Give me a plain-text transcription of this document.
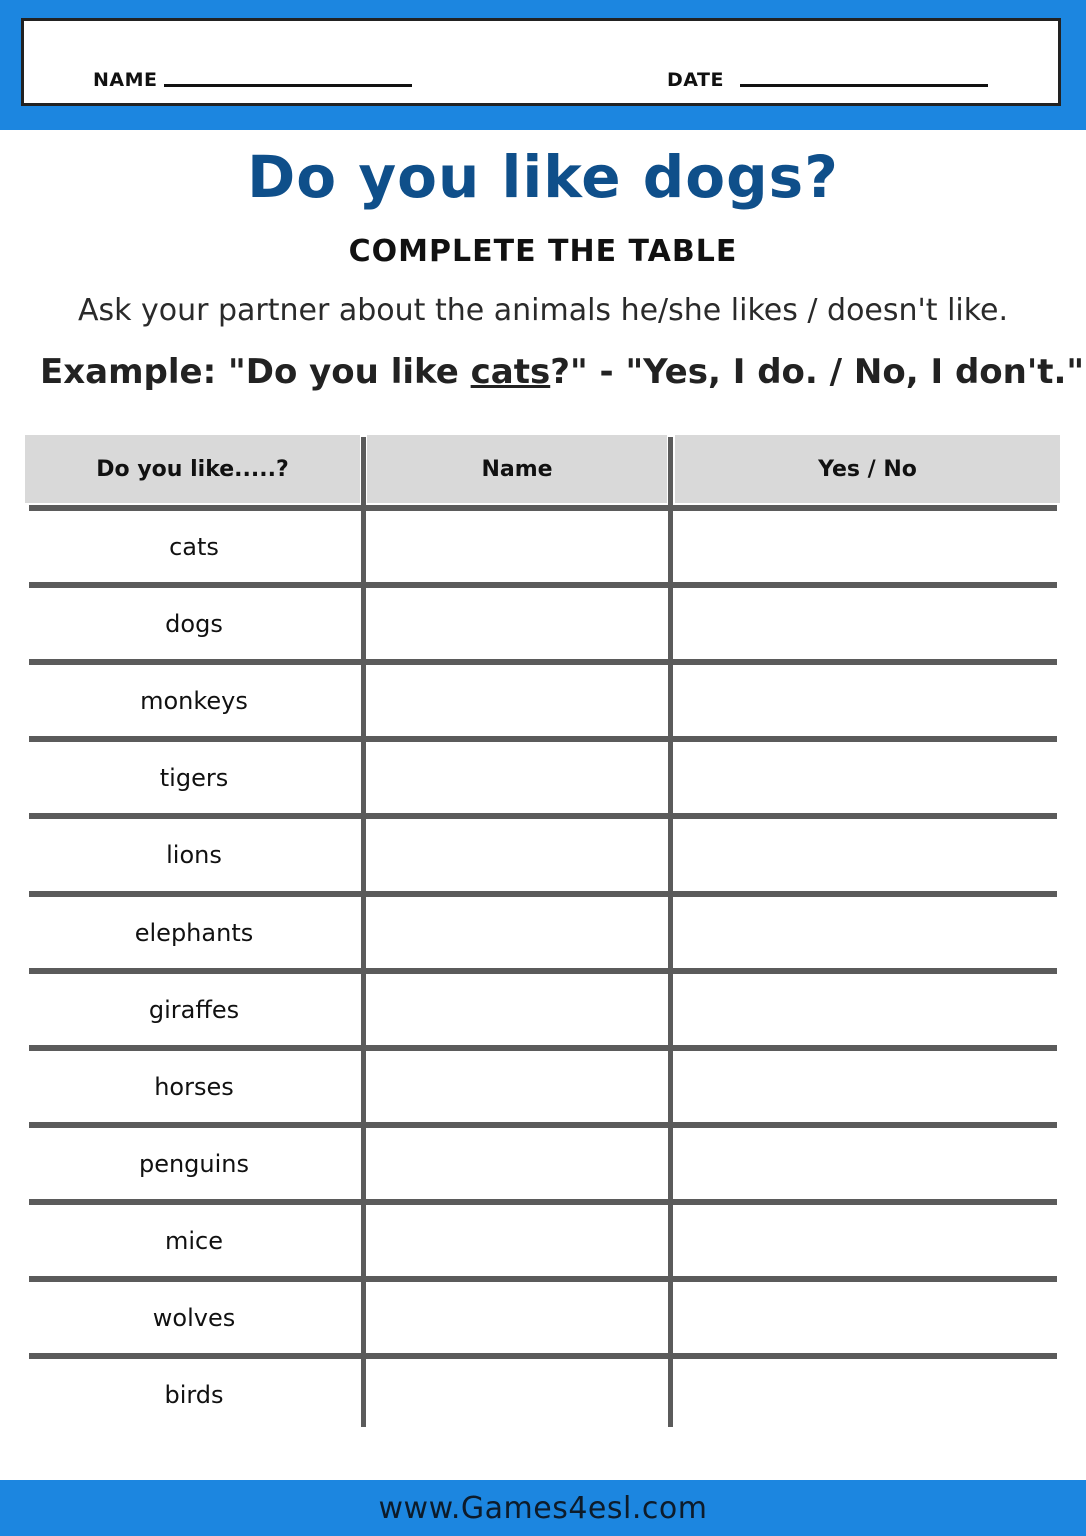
NAME	DATE
Do you like dogs?
COMPLETE THE TABLE
Ask your partner about the animals he/she likes / doesn't like.
Example: "Do you like cats?" - "Yes, I do. / No, I don't."
Do you like.....?	Name	Yes / No
cats
dogs
monkeys
tigers
lions
elephants
giraffes
horses
penguins
mice
wolves
birds
www.Games4esl.com
